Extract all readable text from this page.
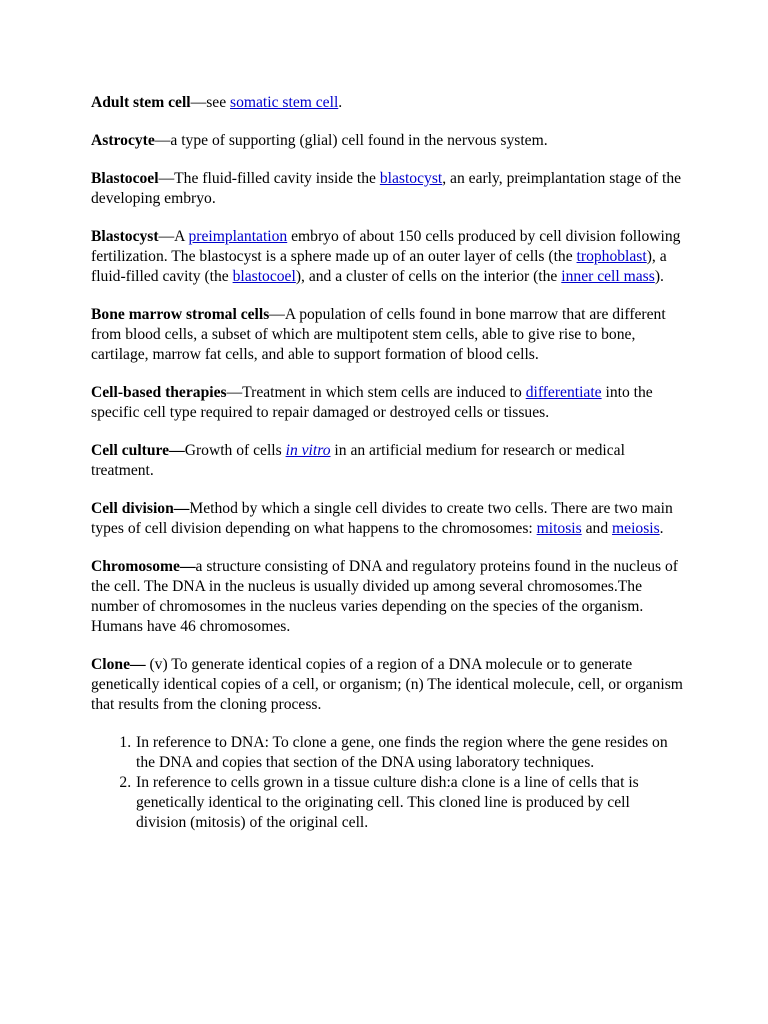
Adult stem cell—see somatic stem cell.

Astrocyte—a type of supporting (glial) cell found in the nervous system.

Blastocoel—The fluid-filled cavity inside the blastocyst, an early, preimplantation stage of the developing embryo.

Blastocyst—A preimplantation embryo of about 150 cells produced by cell division following fertilization. The blastocyst is a sphere made up of an outer layer of cells (the trophoblast), a fluid-filled cavity (the blastocoel), and a cluster of cells on the interior (the inner cell mass).

Bone marrow stromal cells—A population of cells found in bone marrow that are different from blood cells, a subset of which are multipotent stem cells, able to give rise to bone, cartilage, marrow fat cells, and able to support formation of blood cells.

Cell-based therapies—Treatment in which stem cells are induced to differentiate into the specific cell type required to repair damaged or destroyed cells or tissues.

Cell culture—Growth of cells in vitro in an artificial medium for research or medical treatment.

Cell division—Method by which a single cell divides to create two cells. There are two main types of cell division depending on what happens to the chromosomes: mitosis and meiosis.

Chromosome—a structure consisting of DNA and regulatory proteins found in the nucleus of the cell. The DNA in the nucleus is usually divided up among several chromosomes.The number of chromosomes in the nucleus varies depending on the species of the organism. Humans have 46 chromosomes.

Clone— (v) To generate identical copies of a region of a DNA molecule or to generate genetically identical copies of a cell, or organism; (n) The identical molecule, cell, or organism that results from the cloning process.

1. In reference to DNA: To clone a gene, one finds the region where the gene resides on the DNA and copies that section of the DNA using laboratory techniques.
2. In reference to cells grown in a tissue culture dish:a clone is a line of cells that is genetically identical to the originating cell. This cloned line is produced by cell division (mitosis) of the original cell.
